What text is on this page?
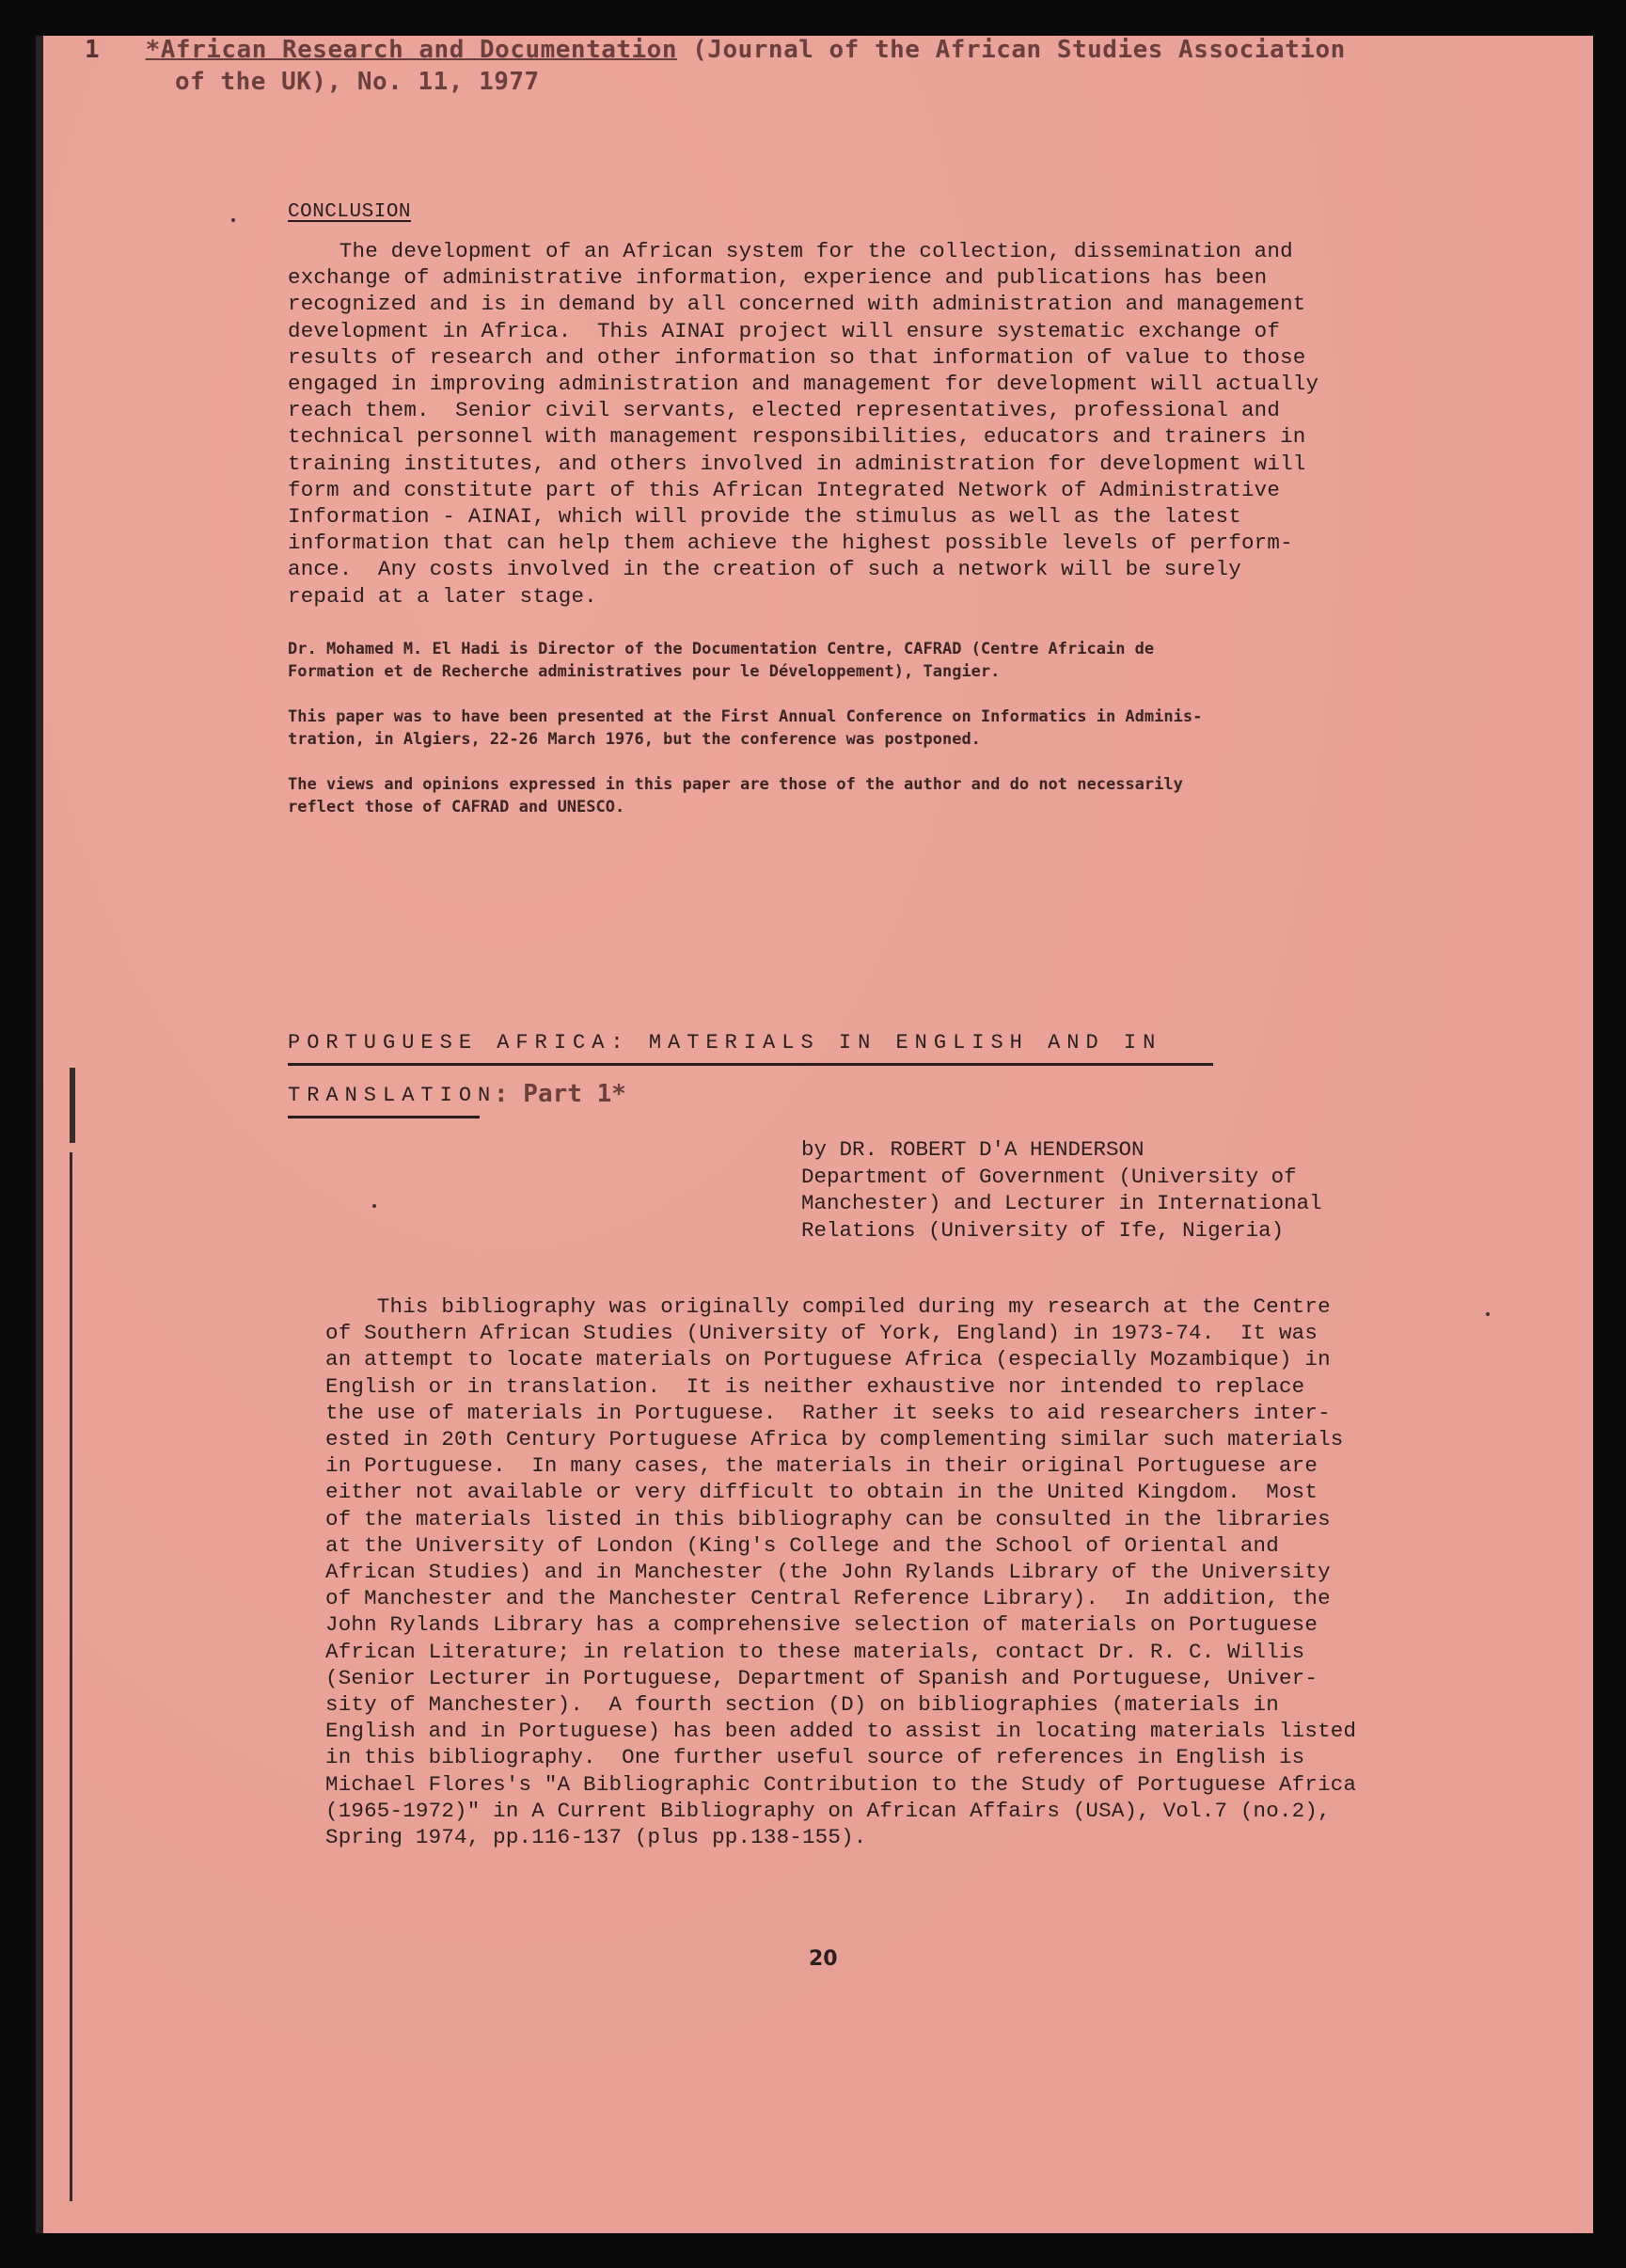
1 *African Research and Documentation (Journal of the African Studies Association
of the UK), No. 11, 1977
CONCLUSION
The development of an African system for the collection, dissemination and
exchange of administrative information, experience and publications has been
recognized and is in demand by all concerned with administration and management
development in Africa.  This AINAI project will ensure systematic exchange of
results of research and other information so that information of value to those
engaged in improving administration and management for development will actually
reach them.  Senior civil servants, elected representatives, professional and
technical personnel with management responsibilities, educators and trainers in
training institutes, and others involved in administration for development will
form and constitute part of this African Integrated Network of Administrative
Information - AINAI, which will provide the stimulus as well as the latest
information that can help them achieve the highest possible levels of perform-
ance.  Any costs involved in the creation of such a network will be surely
repaid at a later stage.
Dr. Mohamed M. El Hadi is Director of the Documentation Centre, CAFRAD (Centre Africain de
Formation et de Recherche administratives pour le Développement), Tangier.
This paper was to have been presented at the First Annual Conference on Informatics in Adminis-
tration, in Algiers, 22-26 March 1976, but the conference was postponed.
The views and opinions expressed in this paper are those of the author and do not necessarily
reflect those of CAFRAD and UNESCO.
PORTUGUESE AFRICA: MATERIALS IN ENGLISH AND IN
TRANSLATION
: Part 1*
by DR. ROBERT D'A HENDERSON
Department of Government (University of
Manchester) and Lecturer in International
Relations (University of Ife, Nigeria)
This bibliography was originally compiled during my research at the Centre
of Southern African Studies (University of York, England) in 1973-74.  It was
an attempt to locate materials on Portuguese Africa (especially Mozambique) in
English or in translation.  It is neither exhaustive nor intended to replace
the use of materials in Portuguese.  Rather it seeks to aid researchers inter-
ested in 20th Century Portuguese Africa by complementing similar such materials
in Portuguese.  In many cases, the materials in their original Portuguese are
either not available or very difficult to obtain in the United Kingdom.  Most
of the materials listed in this bibliography can be consulted in the libraries
at the University of London (King's College and the School of Oriental and
African Studies) and in Manchester (the John Rylands Library of the University
of Manchester and the Manchester Central Reference Library).  In addition, the
John Rylands Library has a comprehensive selection of materials on Portuguese
African Literature; in relation to these materials, contact Dr. R. C. Willis
(Senior Lecturer in Portuguese, Department of Spanish and Portuguese, Univer-
sity of Manchester).  A fourth section (D) on bibliographies (materials in
English and in Portuguese) has been added to assist in locating materials listed
in this bibliography.  One further useful source of references in English is
Michael Flores's "A Bibliographic Contribution to the Study of Portuguese Africa
(1965-1972)" in A Current Bibliography on African Affairs (USA), Vol.7 (no.2),
Spring 1974, pp.116-137 (plus pp.138-155).
20
